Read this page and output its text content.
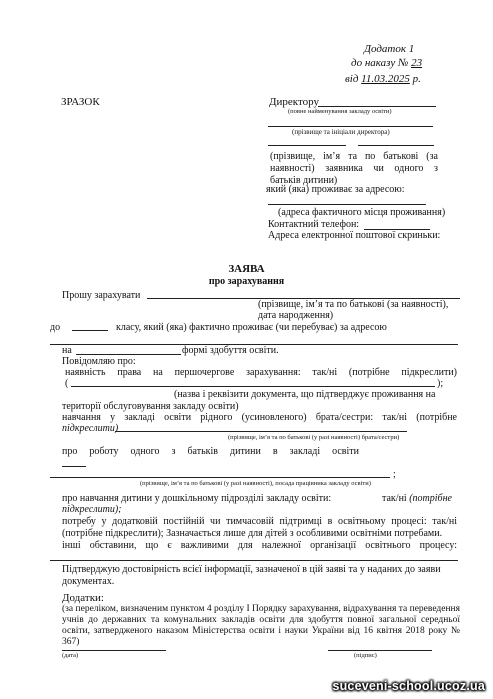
Додаток 1
до наказу № 23
від 11.03.2025 р.
ЗРАЗОК	Директору
(повне найменування закладу освіти)
(прізвище та ініціали директора)
(прізвище, ім’я та по батькові (за наявності) заявника чи одного з батьків дитини)
який (яка) проживає за адресою:
(адреса фактичного місця проживання)
Контактний телефон:
Адреса електронної поштової скриньки:
ЗАЯВА
про зарахування
Прошу зарахувати
(прізвище, ім’я та по батькові (за наявності),
дата народження)
до	класу, який (яка) фактично проживає (чи перебуває) за адресою
на	формі здобуття освіти.
Повідомляю про:
наявність права на першочергове зарахування: так/ні (потрібне підкреслити)
(	);
(назва і реквізити документа, що підтверджує проживання на території обслуговування закладу освіти)
навчання у закладі освіти рідного (усиновленого) брата/сестри: так/ні (потрібне
підкреслити)
(прізвище, ім’я та по батькові (у разі наявності) брата/сестри)
про роботу одного з батьків дитини в закладі освіти
;
(прізвище, ім’я та по батькові (у разі наявності), посада працівника закладу освіти)
про навчання дитини у дошкільному підрозділі закладу освіти:	так/ні (потрібне
підкреслити);
потребу у додатковій постійній чи тимчасовій підтримці в освітньому процесі: так/ні
(потрібне підкреслити); Зазначається лише для дітей з особливими освітніми потребами.
інші обставини, що є важливими для належної організації освітнього процесу:
Підтверджую достовірність всієї інформації, зазначеної в цій заяві та у наданих до заяви документах.
Додатки:
(за переліком, визначеним пунктом 4 розділу І Порядку зарахування, відрахування та переведення учнів до державних та комунальних закладів освіти для здобуття повної загальної середньої освіти, затвердженого наказом Міністерства освіти і науки України від 16 квітня 2018 року № 367)
(дата)	(підпис)
suceveni-school.ucoz.ua
